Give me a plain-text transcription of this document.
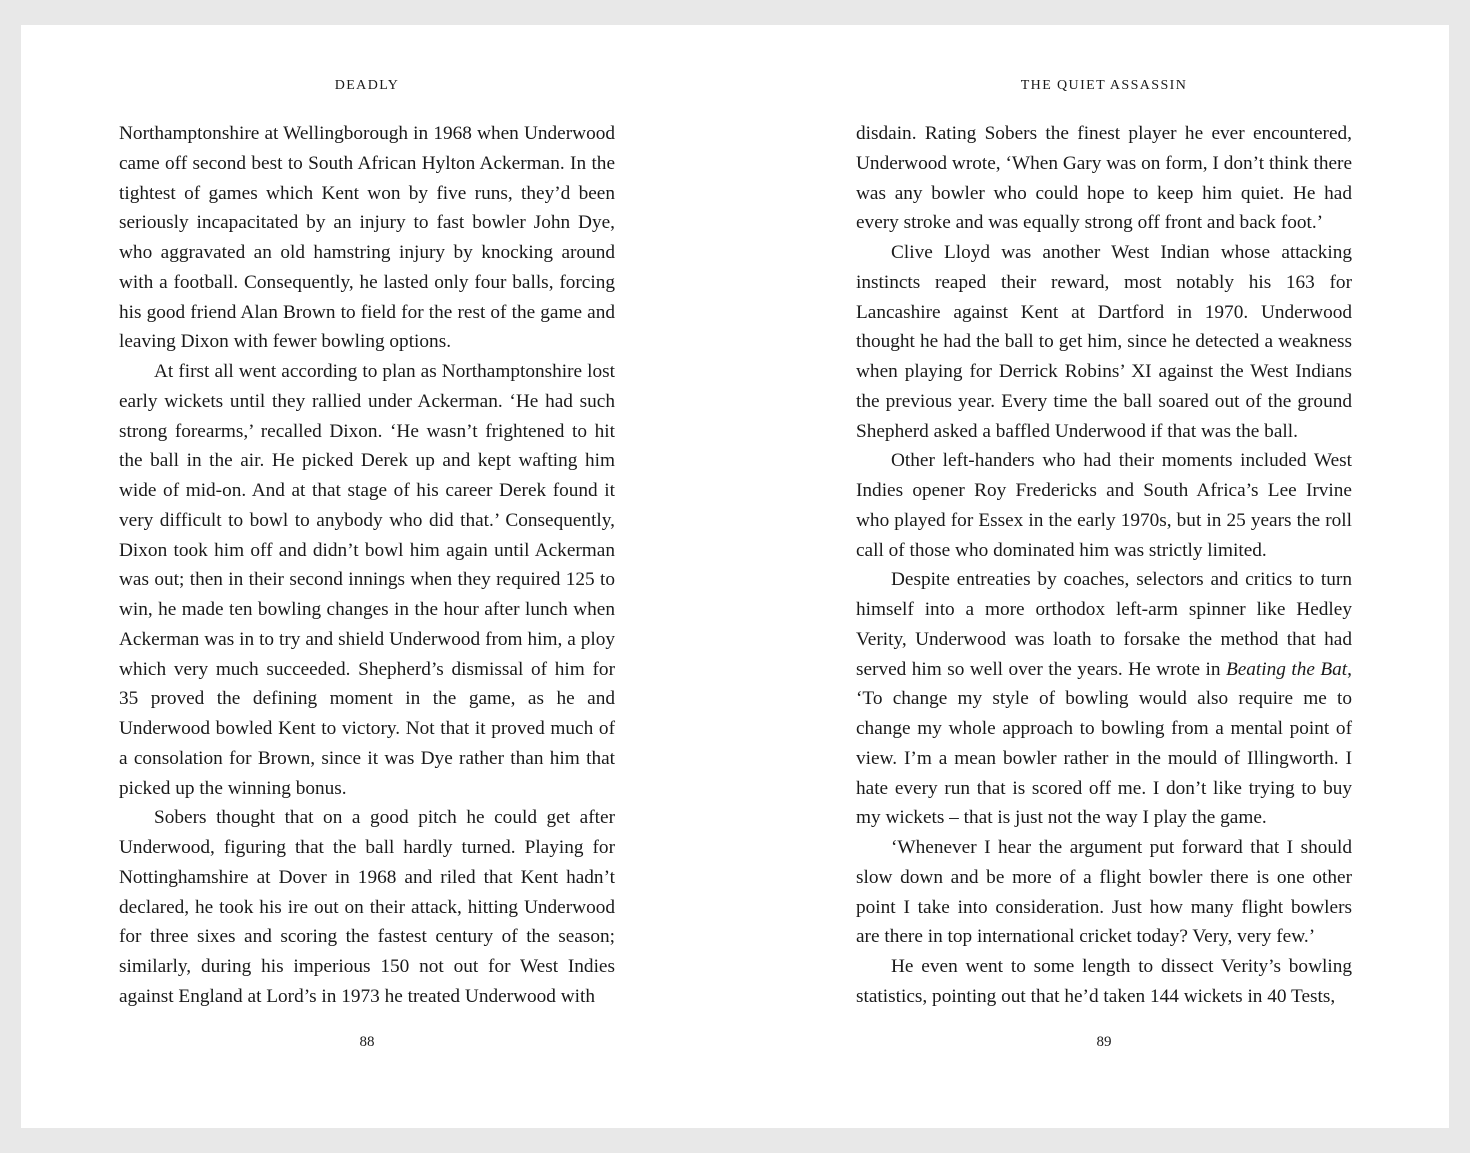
DEADLY

Northamptonshire at Wellingborough in 1968 when Underwood came off second best to South African Hylton Ackerman. In the tightest of games which Kent won by five runs, they’d been seriously incapacitated by an injury to fast bowler John Dye, who aggravated an old hamstring injury by knocking around with a football. Consequently, he lasted only four balls, forcing his good friend Alan Brown to field for the rest of the game and leaving Dixon with fewer bowling options.

At first all went according to plan as Northamptonshire lost early wickets until they rallied under Ackerman. ‘He had such strong forearms,’ recalled Dixon. ‘He wasn’t frightened to hit the ball in the air. He picked Derek up and kept wafting him wide of mid-on. And at that stage of his career Derek found it very difficult to bowl to anybody who did that.’ Consequently, Dixon took him off and didn’t bowl him again until Ackerman was out; then in their second innings when they required 125 to win, he made ten bowling changes in the hour after lunch when Ackerman was in to try and shield Underwood from him, a ploy which very much succeeded. Shepherd’s dismissal of him for 35 proved the defining moment in the game, as he and Underwood bowled Kent to victory. Not that it proved much of a consolation for Brown, since it was Dye rather than him that picked up the winning bonus.

Sobers thought that on a good pitch he could get after Underwood, figuring that the ball hardly turned. Playing for Nottinghamshire at Dover in 1968 and riled that Kent hadn’t declared, he took his ire out on their attack, hitting Underwood for three sixes and scoring the fastest century of the season; similarly, during his imperious 150 not out for West Indies against England at Lord’s in 1973 he treated Underwood with

88
THE QUIET ASSASSIN

disdain. Rating Sobers the finest player he ever encountered, Underwood wrote, ‘When Gary was on form, I don’t think there was any bowler who could hope to keep him quiet. He had every stroke and was equally strong off front and back foot.’

Clive Lloyd was another West Indian whose attacking instincts reaped their reward, most notably his 163 for Lancashire against Kent at Dartford in 1970. Underwood thought he had the ball to get him, since he detected a weakness when playing for Derrick Robins’ XI against the West Indians the previous year. Every time the ball soared out of the ground Shepherd asked a baffled Underwood if that was the ball.

Other left-handers who had their moments included West Indies opener Roy Fredericks and South Africa’s Lee Irvine who played for Essex in the early 1970s, but in 25 years the roll call of those who dominated him was strictly limited.

Despite entreaties by coaches, selectors and critics to turn himself into a more orthodox left-arm spinner like Hedley Verity, Underwood was loath to forsake the method that had served him so well over the years. He wrote in Beating the Bat, ‘To change my style of bowling would also require me to change my whole approach to bowling from a mental point of view. I’m a mean bowler rather in the mould of Illingworth. I hate every run that is scored off me. I don’t like trying to buy my wickets – that is just not the way I play the game.

‘Whenever I hear the argument put forward that I should slow down and be more of a flight bowler there is one other point I take into consideration. Just how many flight bowlers are there in top international cricket today? Very, very few.’

He even went to some length to dissect Verity’s bowling statistics, pointing out that he’d taken 144 wickets in 40 Tests,

89
